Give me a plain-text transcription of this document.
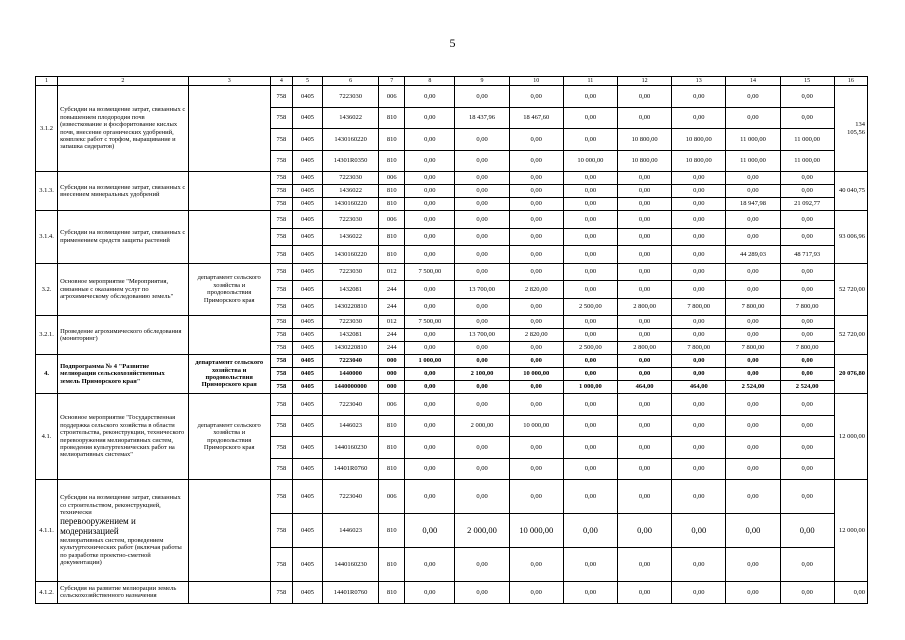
5
1	2	3	4	5	6	7	8	9	10	11	12	13	14	15	16
3.1.2	Субсидии на возмещение затрат, связанных с повышением плодородия почв (известкование и фосфоритование кислых почв, внесение органических удобрений, комплекс работ с торфом, выращивание и запашка сидератов)		758	0405	7223030	006	0,00	0,00	0,00	0,00	0,00	0,00	0,00	0,00	134 105,56
			758	0405	1436022	810	0,00	18 437,96	18 467,60	0,00	0,00	0,00	0,00	0,00	
			758	0405	1430160220	810	0,00	0,00	0,00	0,00	10 800,00	10 800,00	11 000,00	11 000,00	
			758	0405	14301R0350	810	0,00	0,00	0,00	10 000,00	10 800,00	10 800,00	11 000,00	11 000,00	
3.1.3.	Субсидии на возмещение затрат, связанных с внесением минеральных удобрений		758	0405	7223030	006	0,00	0,00	0,00	0,00	0,00	0,00	0,00	0,00	40 040,75
			758	0405	1436022	810	0,00	0,00	0,00	0,00	0,00	0,00	0,00	0,00	
			758	0405	1430160220	810	0,00	0,00	0,00	0,00	0,00	0,00	18 947,98	21 092,77	
3.1.4.	Субсидии на возмещение затрат, связанных с применением средств защиты растений		758	0405	7223030	006	0,00	0,00	0,00	0,00	0,00	0,00	0,00	0,00	93 006,96
			758	0405	1436022	810	0,00	0,00	0,00	0,00	0,00	0,00	0,00	0,00	
			758	0405	1430160220	810	0,00	0,00	0,00	0,00	0,00	0,00	44 289,03	48 717,93	
3.2.	Основное мероприятие "Мероприятия, связанные с оказанием услуг по агрохимическому обследованию земель"	департамент сельского хозяйства и продовольствия Приморского края	758	0405	7223030	012	7 500,00	0,00	0,00	0,00	0,00	0,00	0,00	0,00	52 720,00
			758	0405	1432081	244	0,00	13 700,00	2 820,00	0,00	0,00	0,00	0,00	0,00	
			758	0405	1430220810	244	0,00	0,00	0,00	2 500,00	2 800,00	7 800,00	7 800,00	7 800,00	
3.2.1.	Проведение агрохимического обследования (мониторинг)		758	0405	7223030	012	7 500,00	0,00	0,00	0,00	0,00	0,00	0,00	0,00	52 720,00
			758	0405	1432081	244	0,00	13 700,00	2 820,00	0,00	0,00	0,00	0,00	0,00	
			758	0405	1430220810	244	0,00	0,00	0,00	2 500,00	2 800,00	7 800,00	7 800,00	7 800,00	
4.	Подпрограмма № 4 "Развитие мелиорации сельскохозяйственных земель Приморского края"	департамент сельского хозяйства и продовольствия Приморского края	758	0405	7223040	000	1 000,00	0,00	0,00	0,00	0,00	0,00	0,00	0,00	20 076,80
			758	0405	1440000	000	0,00	2 100,00	10 000,00	0,00	0,00	0,00	0,00	0,00	
			758	0405	1440000000	000	0,00	0,00	0,00	1 000,00	464,00	464,00	2 524,00	2 524,00	
4.1.	Основное мероприятие "Государственная поддержка сельского хозяйства в области строительства, реконструкции, технического перевооружения мелиоративных систем, проведения культуртехнических работ на мелиоративных системах"	департамент сельского хозяйства и продовольствия Приморского края	758	0405	7223040	006	0,00	0,00	0,00	0,00	0,00	0,00	0,00	0,00	12 000,00
			758	0405	1446023	810	0,00	2 000,00	10 000,00	0,00	0,00	0,00	0,00	0,00	
			758	0405	1440160230	810	0,00	0,00	0,00	0,00	0,00	0,00	0,00	0,00	
			758	0405	14401R0760	810	0,00	0,00	0,00	0,00	0,00	0,00	0,00	0,00	
4.1.1.	Субсидии на возмещение затрат, связанных со строительством, реконструкцией, технически перевооружением и модернизацией мелиоративных систем, проведением культуртехнических работ (включая работы по разработке проектно-сметной документации)		758	0405	7223040	006	0,00	0,00	0,00	0,00	0,00	0,00	0,00	0,00	12 000,00
			758	0405	1446023	810	0,00	2 000,00	10 000,00	0,00	0,00	0,00	0,00	0,00	
			758	0405	1440160230	810	0,00	0,00	0,00	0,00	0,00	0,00	0,00	0,00	
4.1.2.	Субсидия на развитие мелиорации земель сельскохозяйственного назначения		758	0405	14401R0760	810	0,00	0,00	0,00	0,00	0,00	0,00	0,00	0,00	0,00
